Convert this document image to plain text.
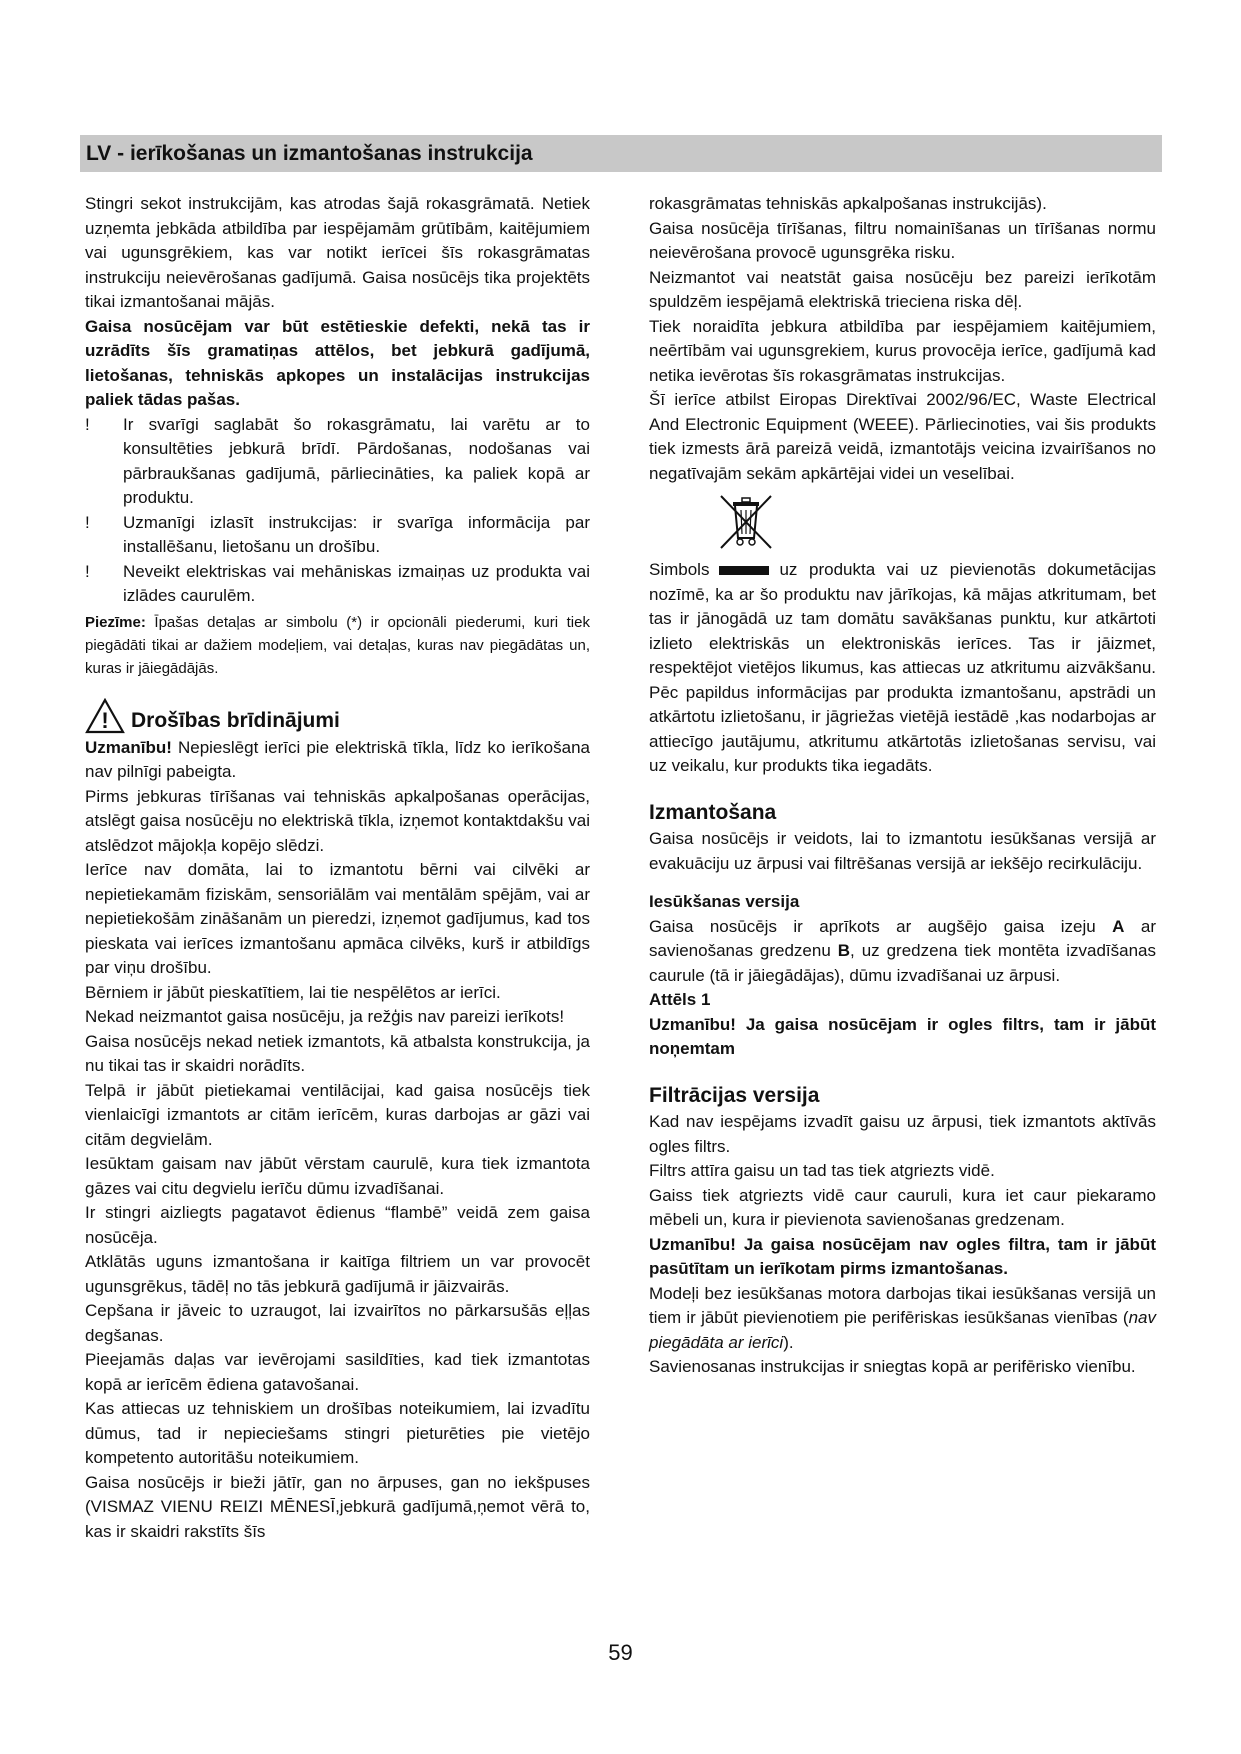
LV - ierīkošanas un izmantošanas instrukcija

Stingri sekot instrukcijām, kas atrodas šajā rokasgrāmatā. Netiek uzņemta jebkāda atbildība par iespējamām grūtībām, kaitējumiem vai ugunsgrēkiem, kas var notikt ierīcei šīs rokasgrāmatas instrukciju neievērošanas gadījumā. Gaisa nosūcējs tika projektēts tikai izmantošanai mājās.

Gaisa nosūcējam var būt estētieskie defekti, nekā tas ir uzrādīts šīs gramatiņas attēlos, bet jebkurā gadījumā, lietošanas, tehniskās apkopes un instalācijas instrukcijas paliek tādas pašas.

!	Ir svarīgi saglabāt šo rokasgrāmatu, lai varētu ar to konsultēties jebkurā brīdī. Pārdošanas, nodošanas vai pārbraukšanas gadījumā, pārliecināties, ka paliek kopā ar produktu.
!	Uzmanīgi izlasīt instrukcijas: ir svarīga informācija par installēšanu, lietošanu un drošību.
!	Neveikt elektriskas vai mehāniskas izmaiņas uz produkta vai izlādes caurulēm.

Piezīme: Īpašas detaļas ar simbolu (*) ir opcionāli piederumi, kuri tiek piegādāti tikai ar dažiem modeļiem, vai detaļas, kuras nav piegādātas un, kuras ir jāiegādājās.

! Drošības brīdinājumi

Uzmanību! Nepieslēgt ierīci pie elektriskā tīkla, līdz ko ierīkošana nav pilnīgi pabeigta.

Pirms jebkuras tīrīšanas vai tehniskās apkalpošanas operācijas, atslēgt gaisa nosūcēju no elektriskā tīkla, izņemot kontaktdakšu vai atslēdzot mājokļa kopējo slēdzi.

Ierīce nav domāta, lai to izmantotu bērni vai cilvēki ar nepietiekamām fiziskām, sensoriālām vai mentālām spējām, vai ar nepietiekošām zināšanām un pieredzi, izņemot gadījumus, kad tos pieskata vai ierīces izmantošanu apmāca cilvēks, kurš ir atbildīgs par viņu drošību.

Bērniem ir jābūt pieskatītiem, lai tie nespēlētos ar ierīci.

Nekad neizmantot gaisa nosūcēju, ja režģis nav pareizi ierīkots!

Gaisa nosūcējs nekad netiek izmantots, kā atbalsta konstrukcija, ja nu tikai tas ir skaidri norādīts.

Telpā ir jābūt pietiekamai ventilācijai, kad gaisa nosūcējs tiek vienlaicīgi izmantots ar citām ierīcēm, kuras darbojas ar gāzi vai citām degvielām.

Iesūktam gaisam nav jābūt vērstam caurulē, kura tiek izmantota gāzes vai citu degvielu ierīču dūmu izvadīšanai.

Ir stingri aizliegts pagatavot ēdienus “flambē” veidā zem gaisa nosūcēja.

Atklātās uguns izmantošana ir kaitīga filtriem un var provocēt ugunsgrēkus, tādēļ no tās jebkurā gadījumā ir jāizvairās.

Cepšana ir jāveic to uzraugot, lai izvairītos no pārkarsušās eļļas degšanas.

Pieejamās daļas var ievērojami sasildīties, kad tiek izmantotas kopā ar ierīcēm ēdiena gatavošanai.

Kas attiecas uz tehniskiem un drošības noteikumiem, lai izvadītu dūmus, tad ir nepieciešams stingri pieturēties pie vietējo kompetento autoritāšu noteikumiem.

Gaisa nosūcējs ir bieži jātīr, gan no ārpuses, gan no iekšpuses (VISMAZ VIENU REIZI MĒNESĪ,jebkurā gadījumā,ņemot vērā to, kas ir skaidri rakstīts šīs

rokasgrāmatas tehniskās apkalpošanas instrukcijās).

Gaisa nosūcēja tīrīšanas, filtru nomainīšanas un tīrīšanas normu neievērošana provocē ugunsgrēka risku.

Neizmantot vai neatstāt gaisa nosūcēju bez pareizi ierīkotām spuldzēm iespējamā elektriskā trieciena riska dēļ.

Tiek noraidīta jebkura atbildība par iespējamiem kaitējumiem, neērtībām vai ugunsgrekiem, kurus provocēja ierīce, gadījumā kad netika ievērotas šīs rokasgrāmatas instrukcijas.

Šī ierīce atbilst Eiropas Direktīvai 2002/96/EC, Waste Electrical And Electronic Equipment (WEEE). Pārliecinoties, vai šis produkts tiek izmests ārā pareizā veidā, izmantotājs veicina izvairīšanos no negatīvajām sekām apkārtējai videi un veselībai.

Simbols	uz produkta vai uz pievienotās dokumetācijas nozīmē, ka ar šo produktu nav jārīkojas, kā mājas atkritumam, bet tas ir jānogādā uz tam domātu savākšanas punktu, kur atkārtoti izlieto elektriskās un elektroniskās ierīces. Tas ir jāizmet, respektējot vietējos likumus, kas attiecas uz atkritumu aizvākšanu. Pēc papildus informācijas par produkta izmantošanu, apstrādi un atkārtotu izlietošanu, ir jāgriežas vietējā iestādē ,kas nodarbojas ar attiecīgo jautājumu, atkritumu atkārtotās izlietošanas servisu, vai uz veikalu, kur produkts tika iegadāts.

Izmantošana

Gaisa nosūcējs ir veidots, lai to izmantotu iesūkšanas versijā ar evakuāciju uz ārpusi vai filtrēšanas versijā ar iekšējo recirkulāciju.

Iesūkšanas versija

Gaisa nosūcējs ir aprīkots ar augšējo gaisa izeju A ar savienošanas gredzenu B, uz gredzena tiek montēta izvadīšanas caurule (tā ir jāiegādājas), dūmu izvadīšanai uz ārpusi.

Attēls 1

Uzmanību! Ja gaisa nosūcējam ir ogles filtrs, tam ir jābūt noņemtam

Filtrācijas versija

Kad nav iespējams izvadīt gaisu uz ārpusi, tiek izmantots aktīvās ogles filtrs.

Filtrs attīra gaisu un tad tas tiek atgriezts vidē.

Gaiss tiek atgriezts vidē caur cauruli, kura iet caur piekaramo mēbeli un, kura ir pievienota savienošanas gredzenam.

Uzmanību! Ja gaisa nosūcējam nav ogles filtra, tam ir jābūt pasūtītam un ierīkotam pirms izmantošanas.

Modeļi bez iesūkšanas motora darbojas tikai iesūkšanas versijā un tiem ir jābūt pievienotiem pie perifēriskas iesūkšanas vienības (nav piegādāta ar ierīci).

Savienosanas instrukcijas ir sniegtas kopā ar perifērisko vienību.

59
